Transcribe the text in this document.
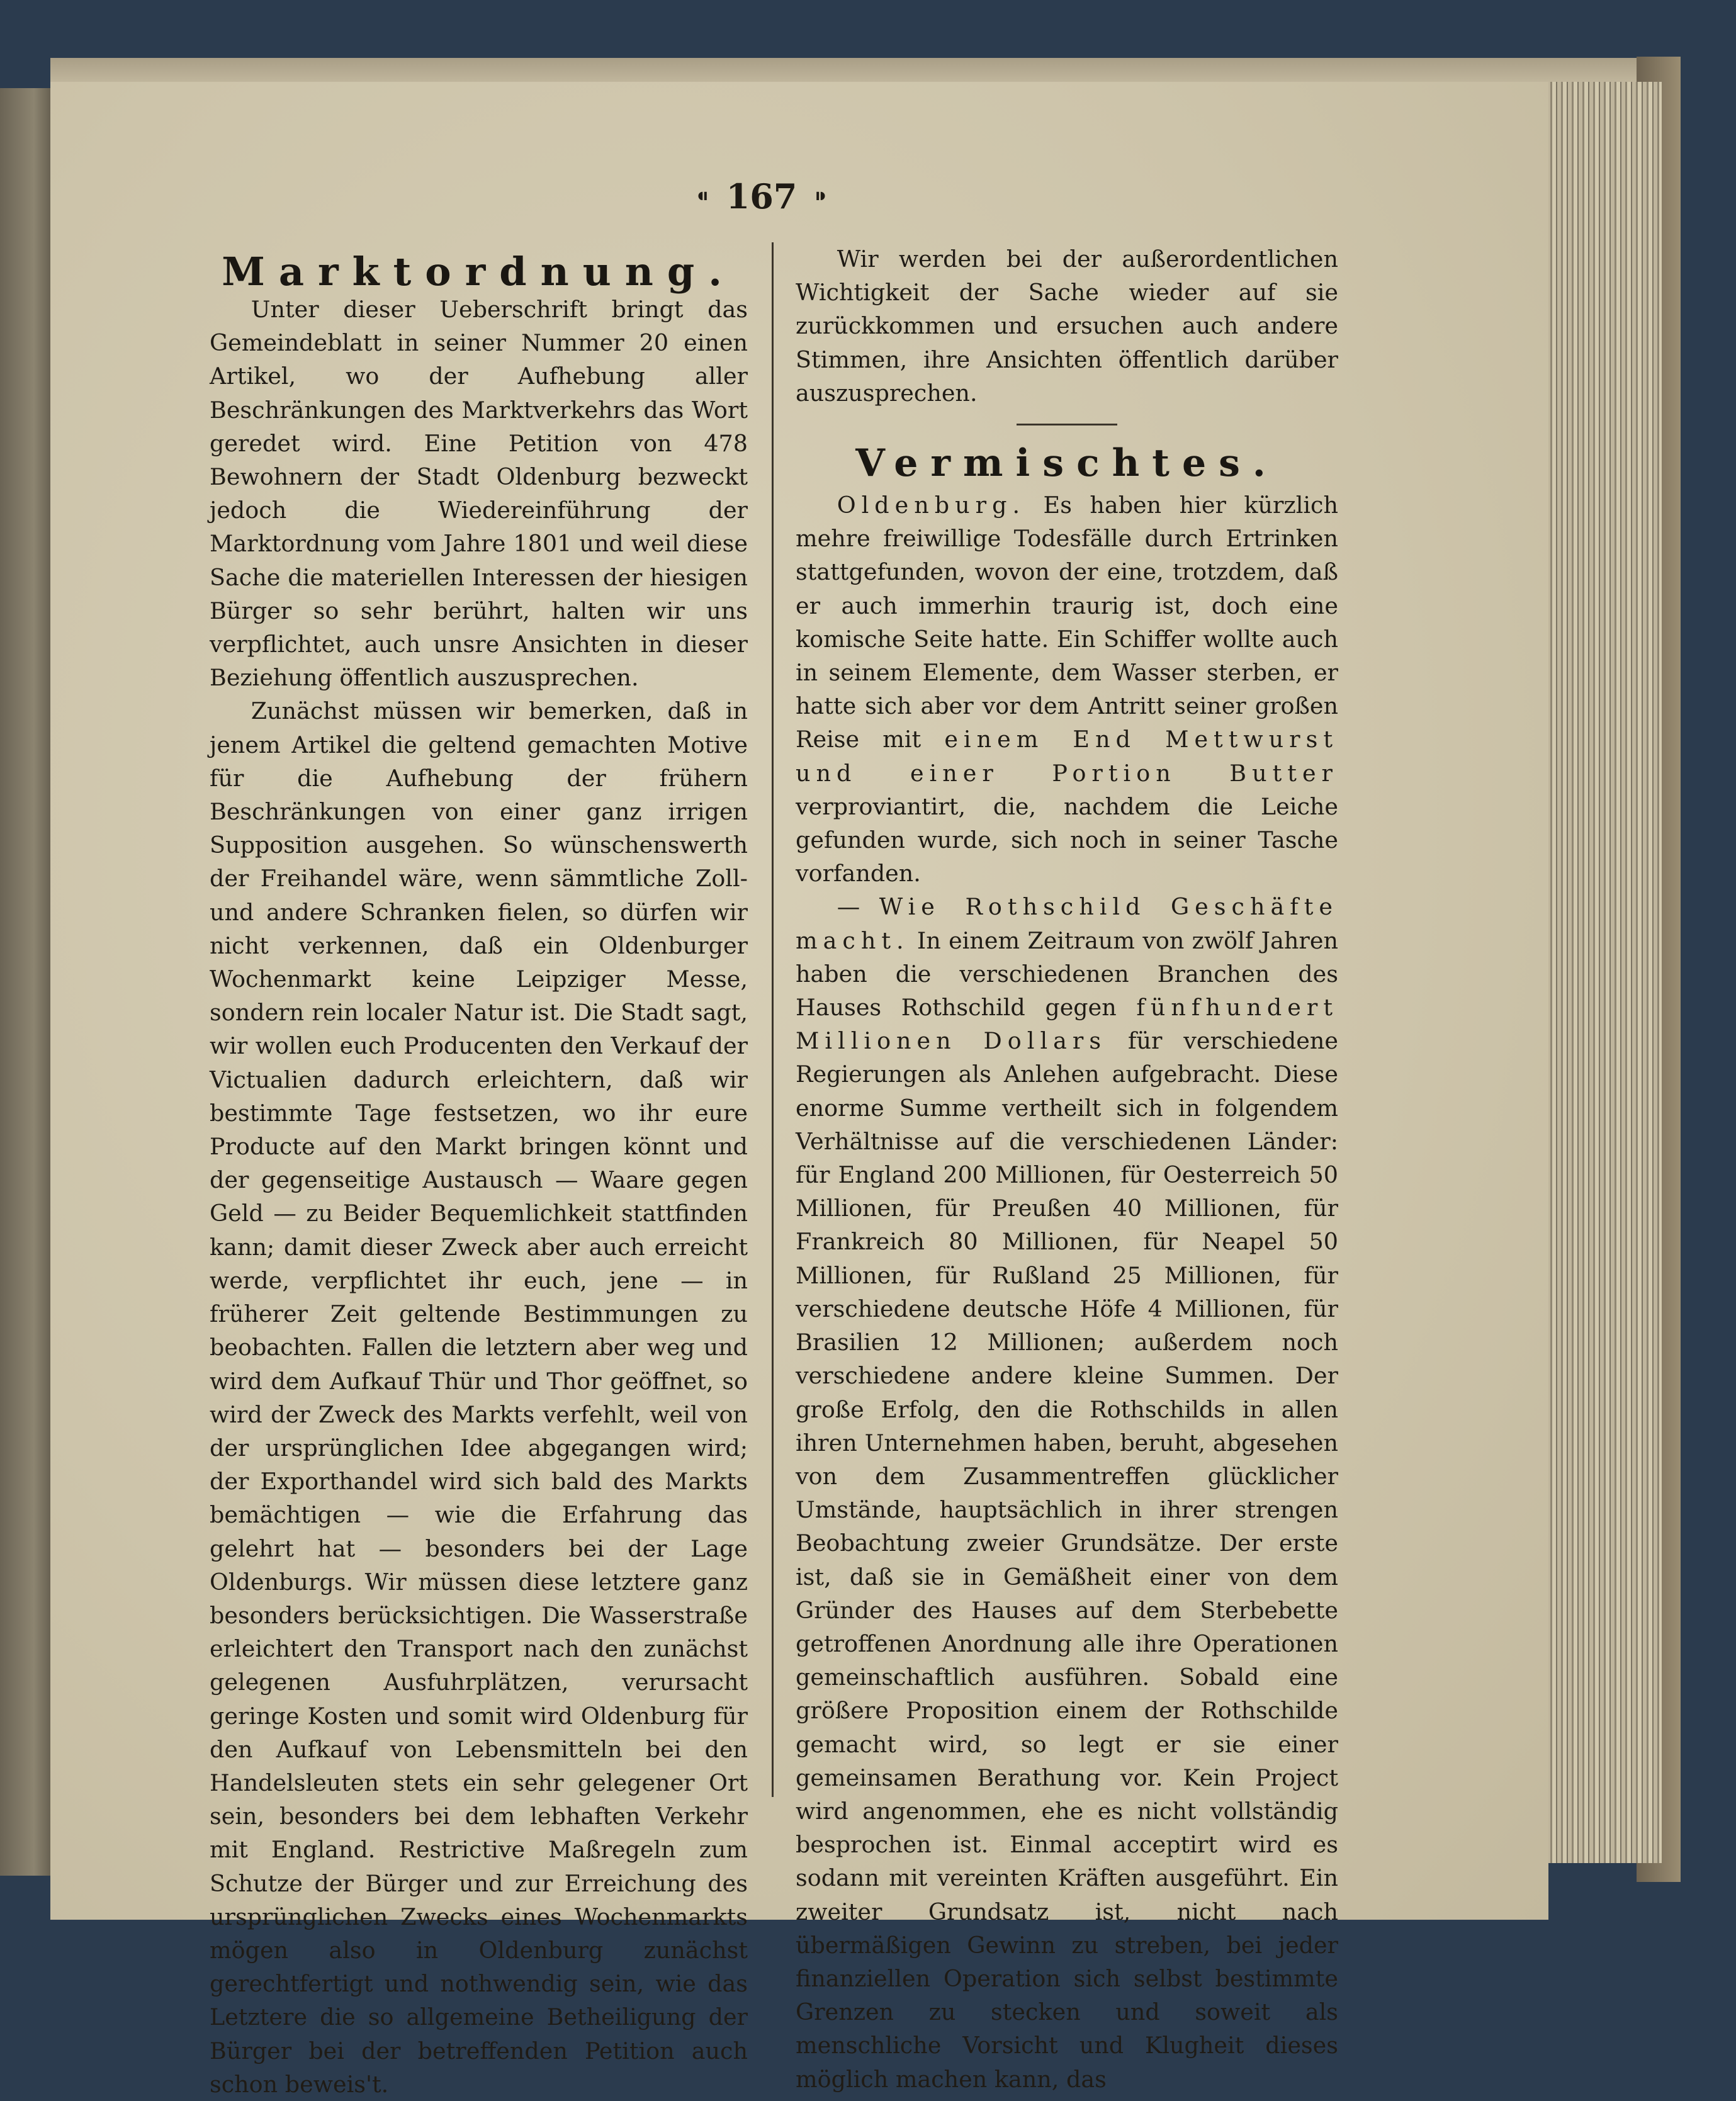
⁌ 167 ⁍
Marktordnung.

Unter dieser Ueberschrift bringt das Gemeindeblatt in seiner Nummer 20 einen Artikel, wo der Aufhebung aller Beschränkungen des Marktverkehrs das Wort geredet wird. Eine Petition von 478 Bewohnern der Stadt Oldenburg bezweckt jedoch die Wiedereinführung der Marktordnung vom Jahre 1801 und weil diese Sache die materiellen Interessen der hiesigen Bürger so sehr berührt, halten wir uns verpflichtet, auch unsre Ansichten in dieser Beziehung öffentlich auszusprechen.

Zunächst müssen wir bemerken, daß in jenem Artikel die geltend gemachten Motive für die Aufhebung der frühern Beschränkungen von einer ganz irrigen Supposition ausgehen. So wünschenswerth der Freihandel wäre, wenn sämmtliche Zoll- und andere Schranken fielen, so dürfen wir nicht verkennen, daß ein Oldenburger Wochenmarkt keine Leipziger Messe, sondern rein localer Natur ist. Die Stadt sagt, wir wollen euch Producenten den Verkauf der Victualien dadurch erleichtern, daß wir bestimmte Tage festsetzen, wo ihr eure Producte auf den Markt bringen könnt und der gegenseitige Austausch — Waare gegen Geld — zu Beider Bequemlichkeit stattfinden kann; damit dieser Zweck aber auch erreicht werde, verpflichtet ihr euch, jene — in früherer Zeit geltende Bestimmungen zu beobachten. Fallen die letztern aber weg und wird dem Aufkauf Thür und Thor geöffnet, so wird der Zweck des Markts verfehlt, weil von der ursprünglichen Idee abgegangen wird; der Exporthandel wird sich bald des Markts bemächtigen — wie die Erfahrung das gelehrt hat — besonders bei der Lage Oldenburgs. Wir müssen diese letztere ganz besonders berücksichtigen. Die Wasserstraße erleichtert den Transport nach den zunächst gelegenen Ausfuhrplätzen, verursacht geringe Kosten und somit wird Oldenburg für den Aufkauf von Lebensmitteln bei den Handelsleuten stets ein sehr gelegener Ort sein, besonders bei dem lebhaften Verkehr mit England. Restrictive Maßregeln zum Schutze der Bürger und zur Erreichung des ursprünglichen Zwecks eines Wochenmarkts mögen also in Oldenburg zunächst gerechtfertigt und nothwendig sein, wie das Letztere die so allgemeine Betheiligung der Bürger bei der betreffenden Petition auch schon beweis't.

Wir werden bei der außerordentlichen Wichtigkeit der Sache wieder auf sie zurückkommen und ersuchen auch andere Stimmen, ihre Ansichten öffentlich darüber auszusprechen.

Vermischtes.

Oldenburg. Es haben hier kürzlich mehre freiwillige Todesfälle durch Ertrinken stattgefunden, wovon der eine, trotzdem, daß er auch immerhin traurig ist, doch eine komische Seite hatte. Ein Schiffer wollte auch in seinem Elemente, dem Wasser sterben, er hatte sich aber vor dem Antritt seiner großen Reise mit einem End Mettwurst und einer Portion Butter verproviantirt, die, nachdem die Leiche gefunden wurde, sich noch in seiner Tasche vorfanden.

— Wie Rothschild Geschäfte macht. In einem Zeitraum von zwölf Jahren haben die verschiedenen Branchen des Hauses Rothschild gegen fünfhundert Millionen Dollars für verschiedene Regierungen als Anlehen aufgebracht. Diese enorme Summe vertheilt sich in folgendem Verhältnisse auf die verschiedenen Länder: für England 200 Millionen, für Oesterreich 50 Millionen, für Preußen 40 Millionen, für Frankreich 80 Millionen, für Neapel 50 Millionen, für Rußland 25 Millionen, für verschiedene deutsche Höfe 4 Millionen, für Brasilien 12 Millionen; außerdem noch verschiedene andere kleine Summen. Der große Erfolg, den die Rothschilds in allen ihren Unternehmen haben, beruht, abgesehen von dem Zusammentreffen glücklicher Umstände, hauptsächlich in ihrer strengen Beobachtung zweier Grundsätze. Der erste ist, daß sie in Gemäßheit einer von dem Gründer des Hauses auf dem Sterbebette getroffenen Anordnung alle ihre Operationen gemeinschaftlich ausführen. Sobald eine größere Proposition einem der Rothschilde gemacht wird, so legt er sie einer gemeinsamen Berathung vor. Kein Project wird angenommen, ehe es nicht vollständig besprochen ist. Einmal acceptirt wird es sodann mit vereinten Kräften ausgeführt. Ein zweiter Grundsatz ist, nicht nach übermäßigen Gewinn zu streben, bei jeder finanziellen Operation sich selbst bestimmte Grenzen zu stecken und soweit als menschliche Vorsicht und Klugheit dieses möglich machen kann, das
